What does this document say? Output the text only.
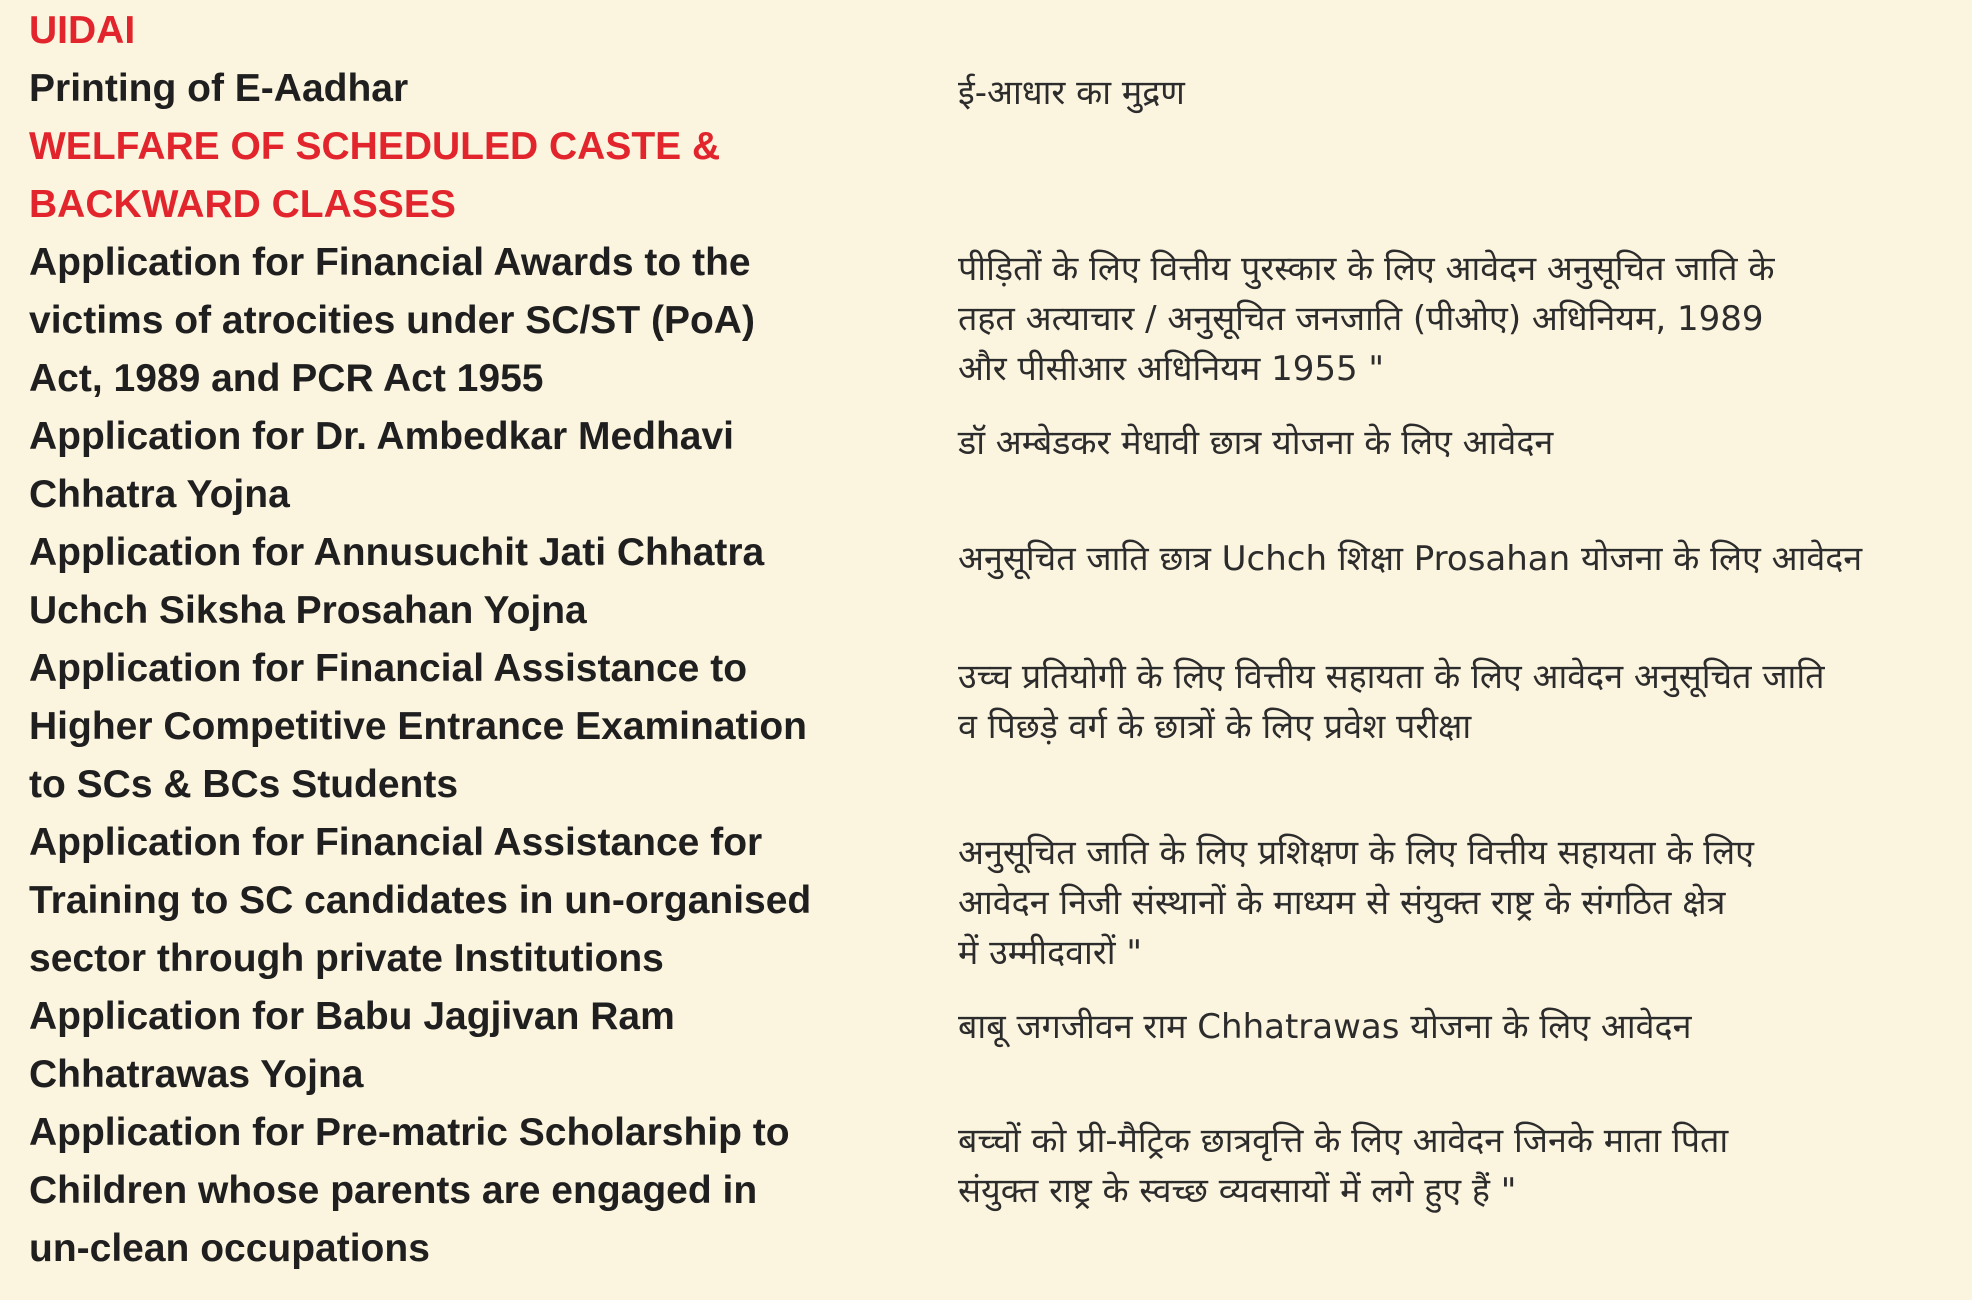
UIDAI

Printing of E-Aadhar	ई-आधार का मुद्रण

WELFARE OF SCHEDULED CASTE &

BACKWARD CLASSES

Application for Financial Awards to the

victims of atrocities under SC/ST (PoA)

Act, 1989 and PCR Act 1955

पीड़ितों के लिए वित्तीय पुरस्कार के लिए आवेदन अनुसूचित जाति के
तहत अत्याचार / अनुसूचित जनजाति (पीओए) अधिनियम, 1989
और पीसीआर अधिनियम 1955 "

Application for Dr. Ambedkar Medhavi

Chhatra Yojna

डॉ अम्बेडकर मेधावी छात्र योजना के लिए आवेदन

Application for Annusuchit Jati Chhatra

Uchch Siksha Prosahan Yojna

अनुसूचित जाति छात्र Uchch शिक्षा Prosahan योजना के लिए आवेदन

Application for Financial Assistance to

Higher Competitive Entrance Examination

to SCs & BCs Students

उच्च प्रतियोगी के लिए वित्तीय सहायता के लिए आवेदन अनुसूचित जाति
व पिछड़े वर्ग के छात्रों के लिए प्रवेश परीक्षा

Application for Financial Assistance for

Training to SC candidates in un-organised

sector through private Institutions

अनुसूचित जाति के लिए प्रशिक्षण के लिए वित्तीय सहायता के लिए
आवेदन निजी संस्थानों के माध्यम से संयुक्त राष्ट्र के संगठित क्षेत्र
में उम्मीदवारों "

Application for Babu Jagjivan Ram

Chhatrawas Yojna

बाबू जगजीवन राम Chhatrawas योजना के लिए आवेदन

Application for Pre-matric Scholarship to

Children whose parents are engaged in

un-clean occupations

बच्चों को प्री-मैट्रिक छात्रवृत्ति के लिए आवेदन जिनके माता पिता
संयुक्त राष्ट्र के स्वच्छ व्यवसायों में लगे हुए हैं "
